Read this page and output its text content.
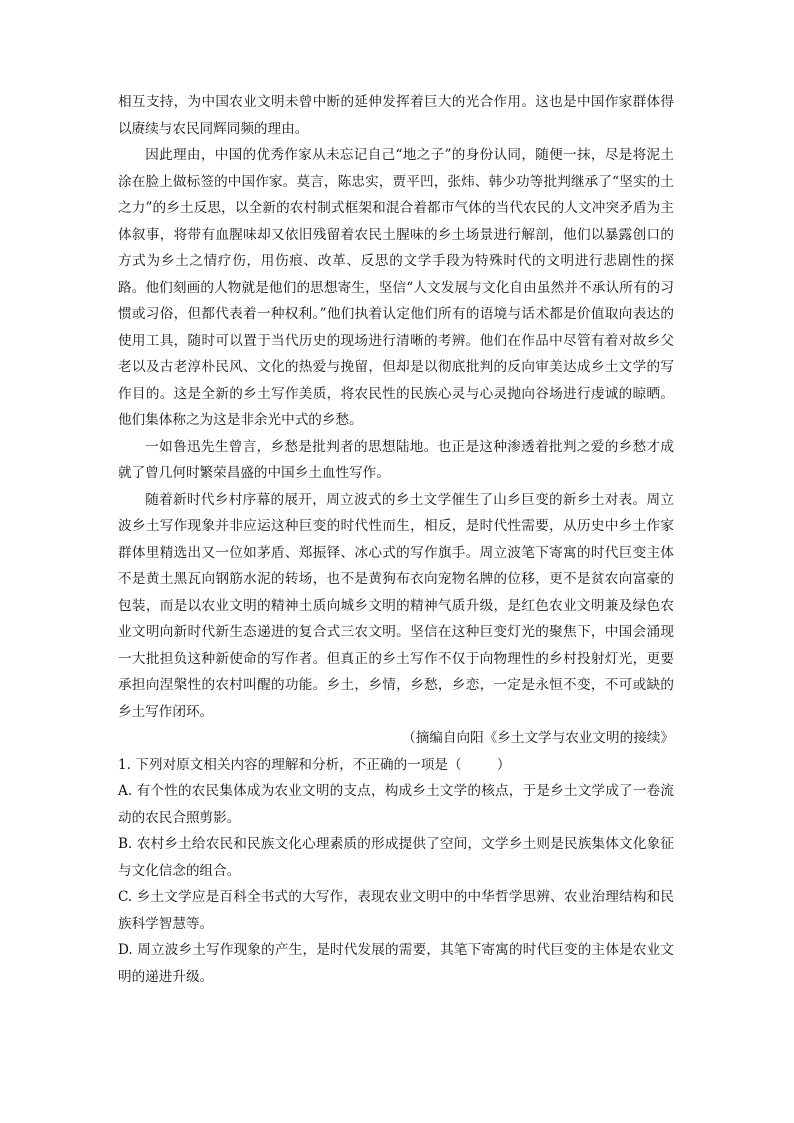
相互支持，为中国农业文明未曾中断的延伸发挥着巨大的光合作用。这也是中国作家群体得以赓续与农民同辉同频的理由。

因此理由，中国的优秀作家从未忘记自己“地之子”的身份认同，随便一抹，尽是将泥土涂在脸上做标签的中国作家。莫言，陈忠实，贾平凹，张炜、韩少功等批判继承了“坚实的土之力”的乡土反思，以全新的农村制式框架和混合着都市气体的当代农民的人文冲突矛盾为主体叙事，将带有血腥味却又依旧残留着农民土腥味的乡土场景进行解剖，他们以暴露创口的方式为乡土之情疗伤，用伤痕、改革、反思的文学手段为特殊时代的文明进行悲剧性的探路。他们刻画的人物就是他们的思想寄生，坚信“人文发展与文化自由虽然并不承认所有的习惯或习俗，但都代表着一种权利。”他们执着认定他们所有的语境与话术都是价值取向表达的使用工具，随时可以置于当代历史的现场进行清晰的考辨。他们在作品中尽管有着对故乡父老以及古老淳朴民风、文化的热爱与挽留，但却是以彻底批判的反向审美达成乡土文学的写作目的。这是全新的乡土写作美质，将农民性的民族心灵与心灵抛向谷场进行虔诚的晾晒。他们集体称之为这是非余光中式的乡愁。

一如鲁迅先生曾言，乡愁是批判者的思想陆地。也正是这种渗透着批判之爱的乡愁才成就了曾几何时繁荣昌盛的中国乡土血性写作。

随着新时代乡村序幕的展开，周立波式的乡土文学催生了山乡巨变的新乡土对表。周立波乡土写作现象并非应运这种巨变的时代性而生，相反，是时代性需要，从历史中乡土作家群体里精选出又一位如茅盾、郑振铎、冰心式的写作旗手。周立波笔下寄寓的时代巨变主体不是黄土黑瓦向钢筋水泥的转场，也不是黄狗布衣向宠物名牌的位移，更不是贫农向富豪的包装，而是以农业文明的精神土质向城乡文明的精神气质升级，是红色农业文明兼及绿色农业文明向新时代新生态递进的复合式三农文明。坚信在这种巨变灯光的聚焦下，中国会涌现一大批担负这种新使命的写作者。但真正的乡土写作不仅于向物理性的乡村投射灯光，更要承担向涅槃性的农村叫醒的功能。乡土，乡情，乡愁，乡恋，一定是永恒不变，不可或缺的乡土写作闭环。

（摘编自向阳《乡土文学与农业文明的接续》

1. 下列对原文相关内容的理解和分析，不正确的一项是（	）

A. 有个性的农民集体成为农业文明的支点，构成乡土文学的核点，于是乡土文学成了一卷流动的农民合照剪影。

B. 农村乡土给农民和民族文化心理素质的形成提供了空间，文学乡土则是民族集体文化象征与文化信念的组合。

C. 乡土文学应是百科全书式的大写作，表现农业文明中的中华哲学思辨、农业治理结构和民族科学智慧等。

D. 周立波乡土写作现象的产生，是时代发展的需要，其笔下寄寓的时代巨变的主体是农业文明的递进升级。
